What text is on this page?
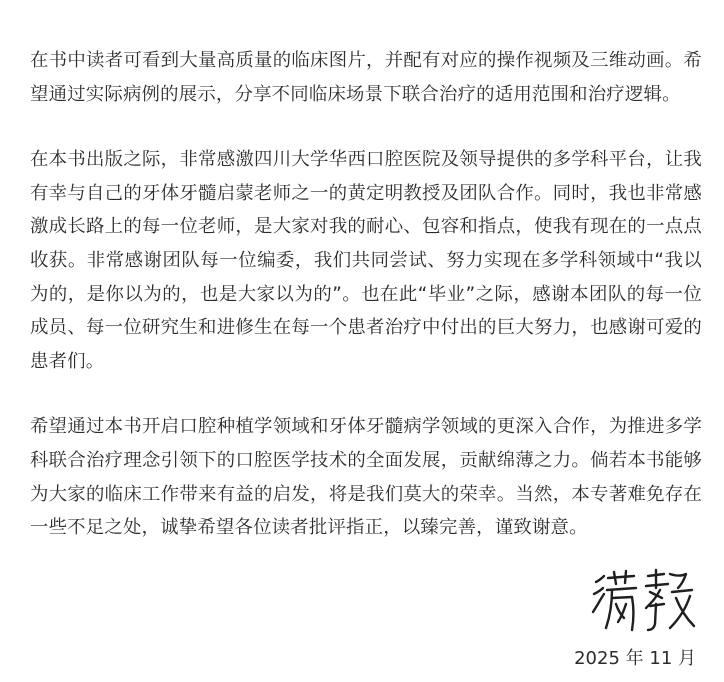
在书中读者可看到大量高质量的临床图片，并配有对应的操作视频及三维动画。希望通过实际病例的展示，分享不同临床场景下联合治疗的适用范围和治疗逻辑。

在本书出版之际，非常感激四川大学华西口腔医院及领导提供的多学科平台，让我有幸与自己的牙体牙髓启蒙老师之一的黄定明教授及团队合作。同时，我也非常感激成长路上的每一位老师，是大家对我的耐心、包容和指点，使我有现在的一点点收获。非常感谢团队每一位编委，我们共同尝试、努力实现在多学科领域中“我以为的，是你以为的，也是大家以为的”。也在此“毕业”之际，感谢本团队的每一位成员、每一位研究生和进修生在每一个患者治疗中付出的巨大努力，也感谢可爱的患者们。

希望通过本书开启口腔种植学领域和牙体牙髓病学领域的更深入合作，为推进多学科联合治疗理念引领下的口腔医学技术的全面发展，贡献绵薄之力。倘若本书能够为大家的临床工作带来有益的启发，将是我们莫大的荣幸。当然，本专著难免存在一些不足之处，诚挚希望各位读者批评指正，以臻完善，谨致谢意。

2025 年 11 月
